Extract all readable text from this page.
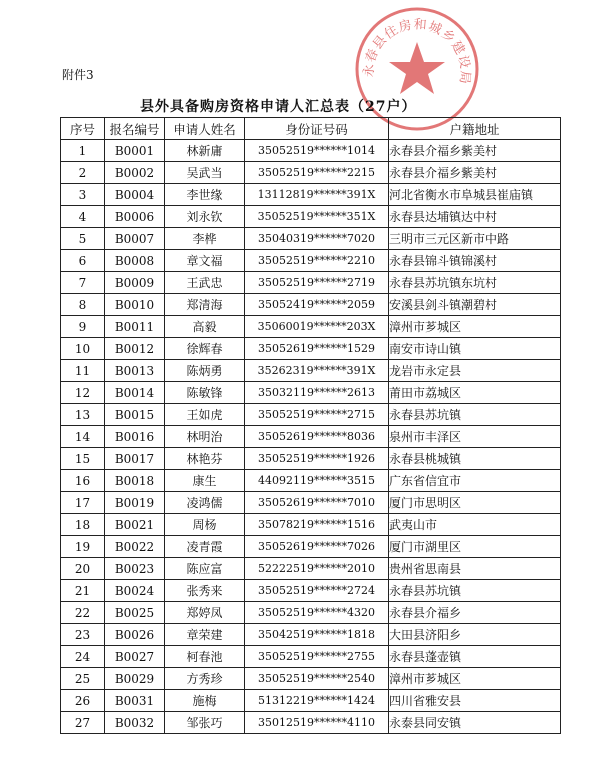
附件3	永春县住房和城乡建设局
县外具备购房资格申请人汇总表（27户）
序号	报名编号	申请人姓名	身份证号码	户籍地址
1	B0001	林新庸	35052519******1014	永春县介福乡紫美村
2	B0002	吴武当	35052519******2215	永春县介福乡紫美村
3	B0004	李世缘	13112819******391X	河北省衡水市阜城县崔庙镇
4	B0006	刘永钦	35052519******351X	永春县达埔镇达中村
5	B0007	李桦	35040319******7020	三明市三元区新市中路
6	B0008	章文福	35052519******2210	永春县锦斗镇锦溪村
7	B0009	王武忠	35052519******2719	永春县苏坑镇东坑村
8	B0010	郑清海	35052419******2059	安溪县剑斗镇潮碧村
9	B0011	高毅	35060019******203X	漳州市芗城区
10	B0012	徐辉春	35052619******1529	南安市诗山镇
11	B0013	陈炳勇	35262319******391X	龙岩市永定县
12	B0014	陈敏锋	35032119******2613	莆田市荔城区
13	B0015	王如虎	35052519******2715	永春县苏坑镇
14	B0016	林明治	35052619******8036	泉州市丰泽区
15	B0017	林艳芬	35052519******1926	永春县桃城镇
16	B0018	康生	44092119******3515	广东省信宜市
17	B0019	凌鸿儒	35052619******7010	厦门市思明区
18	B0021	周杨	35078219******1516	武夷山市
19	B0022	凌青霞	35052619******7026	厦门市湖里区
20	B0023	陈应富	52222519******2010	贵州省思南县
21	B0024	张秀来	35052519******2724	永春县苏坑镇
22	B0025	郑婷凤	35052519******4320	永春县介福乡
23	B0026	章荣建	35042519******1818	大田县济阳乡
24	B0027	柯春池	35052519******2755	永春县蓬壶镇
25	B0029	方秀珍	35052519******2540	漳州市芗城区
26	B0031	施梅	51312219******1424	四川省雅安县
27	B0032	邹张巧	35012519******4110	永泰县同安镇
